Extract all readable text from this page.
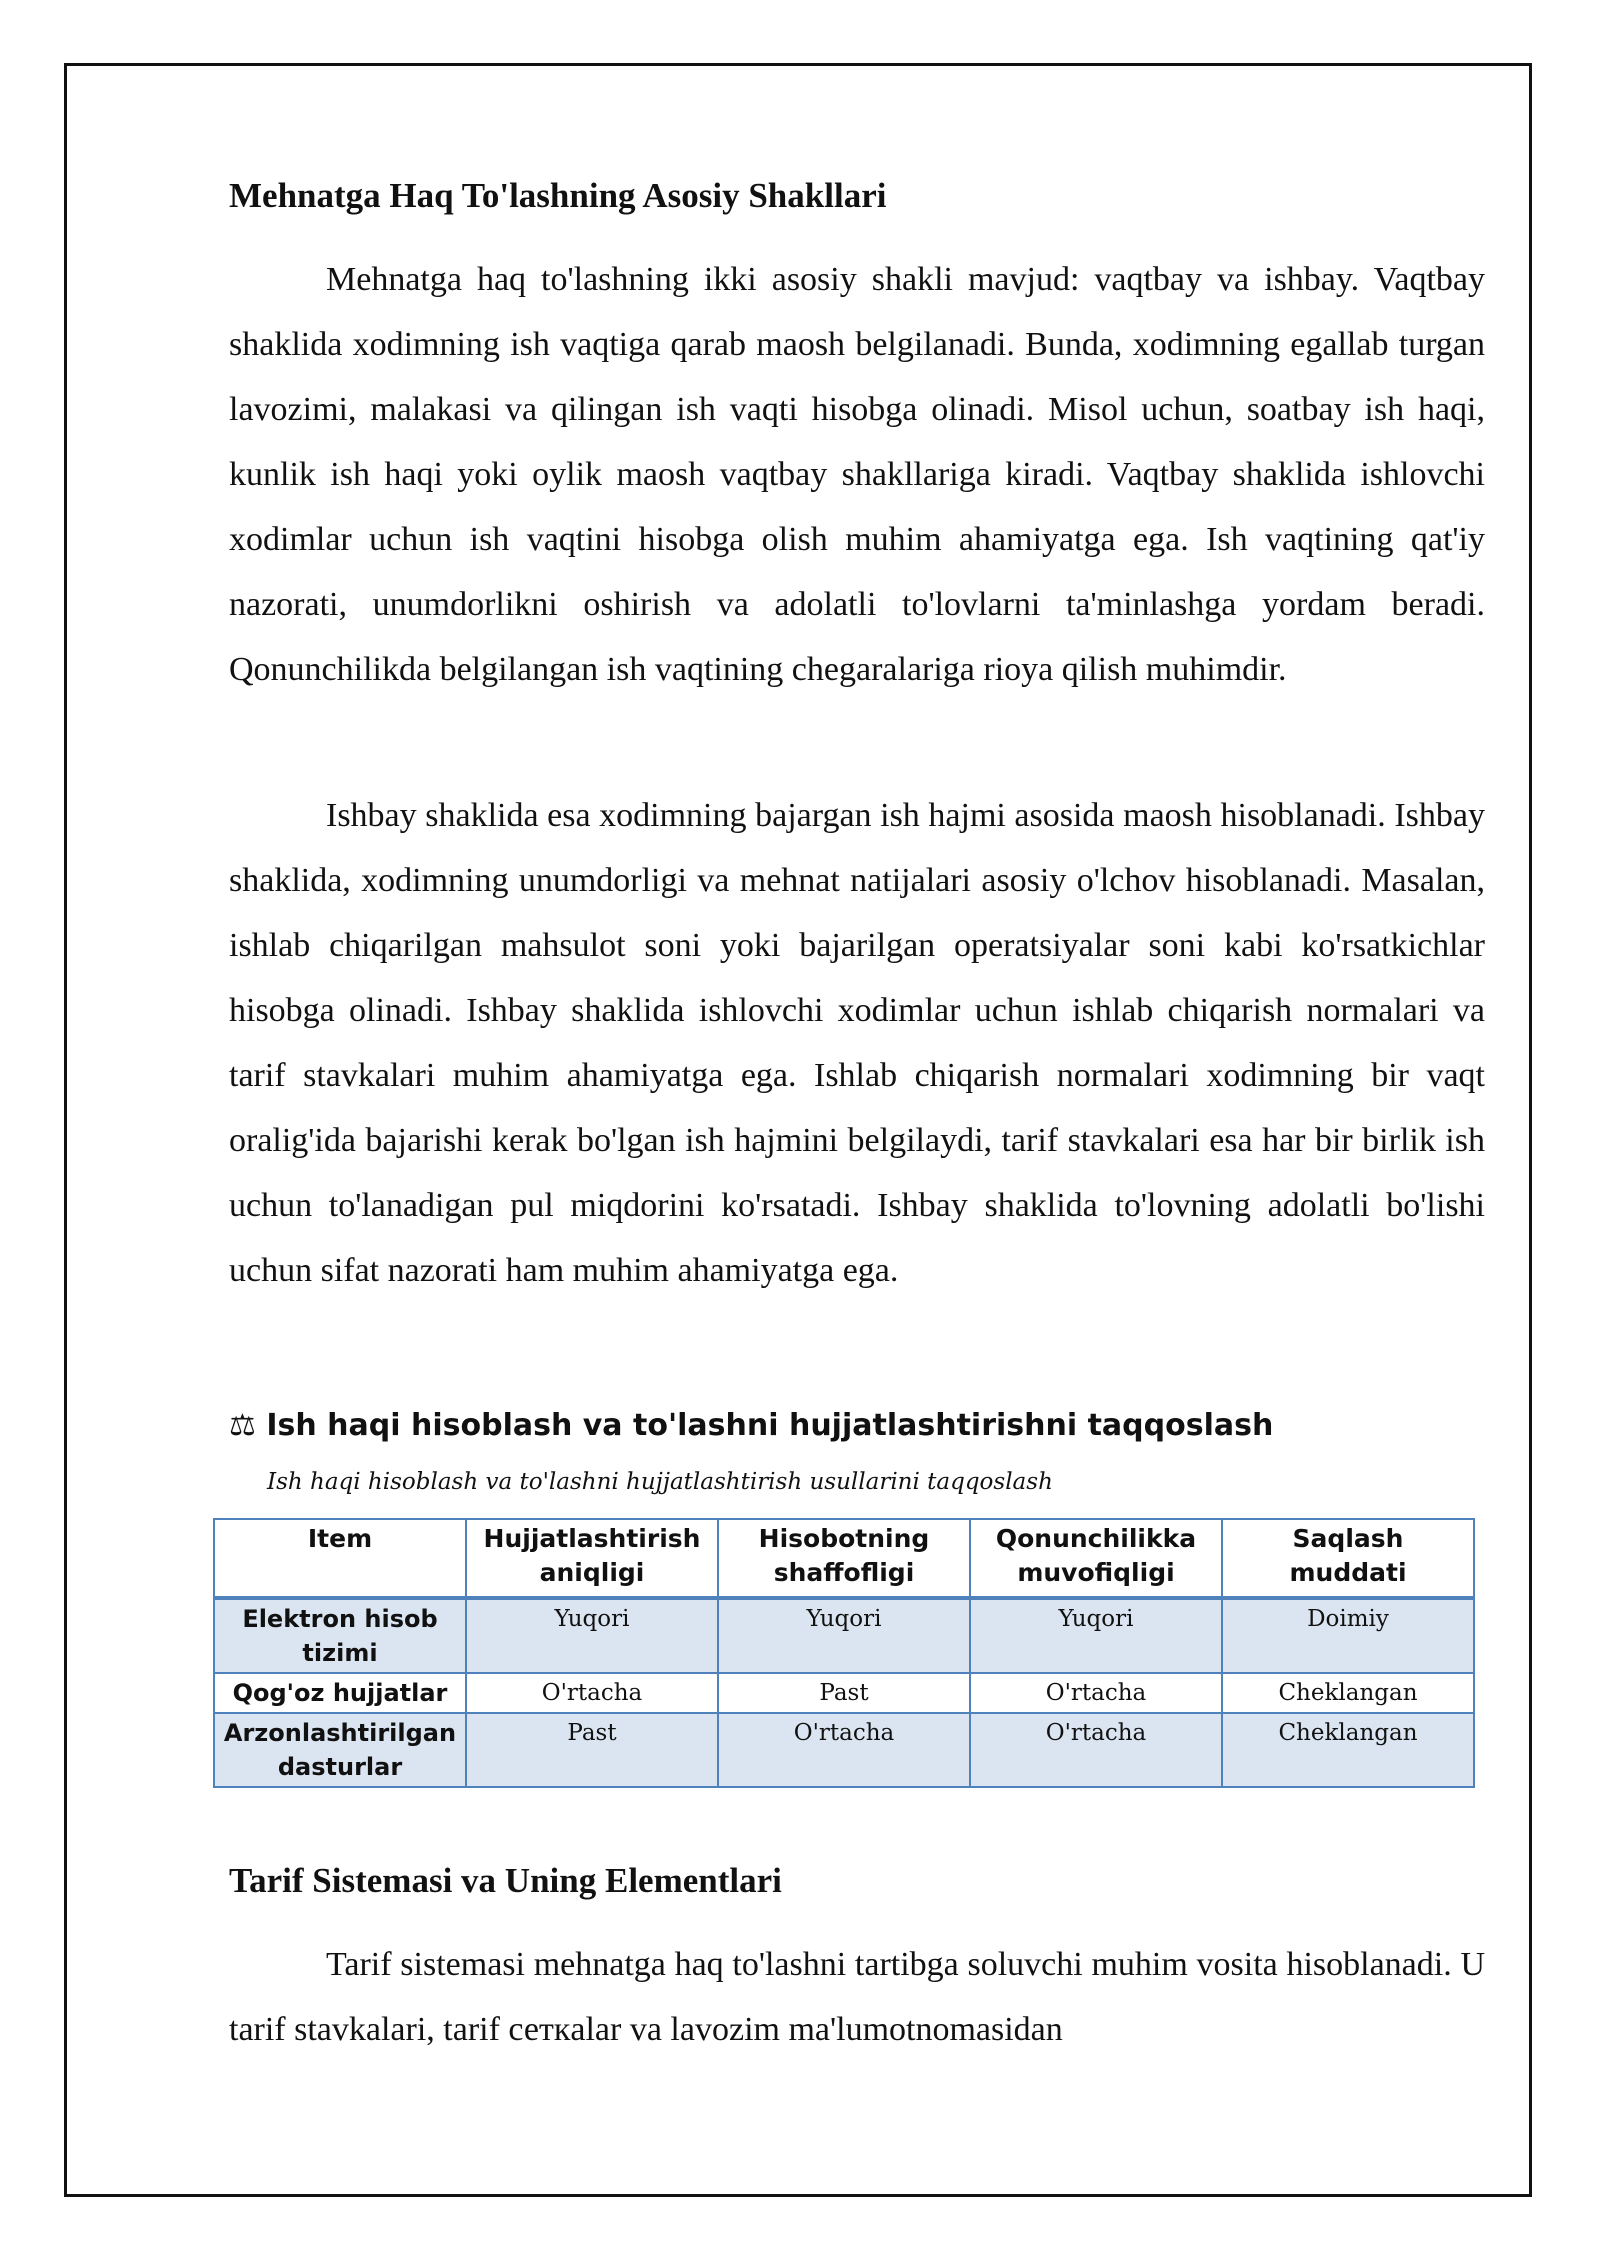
Mehnatga Haq To'lashning Asosiy Shakllari

Mehnatga haq to'lashning ikki asosiy shakli mavjud: vaqtbay va ishbay. Vaqtbay shaklida xodimning ish vaqtiga qarab maosh belgilanadi. Bunda, xodimning egallab turgan lavozimi, malakasi va qilingan ish vaqti hisobga olinadi. Misol uchun, soatbay ish haqi, kunlik ish haqi yoki oylik maosh vaqtbay shakllariga kiradi. Vaqtbay shaklida ishlovchi xodimlar uchun ish vaqtini hisobga olish muhim ahamiyatga ega. Ish vaqtining qat'iy nazorati, unumdorlikni oshirish va adolatli to'lovlarni ta'minlashga yordam beradi. Qonunchilikda belgilangan ish vaqtining chegaralariga rioya qilish muhimdir.

Ishbay shaklida esa xodimning bajargan ish hajmi asosida maosh hisoblanadi. Ishbay shaklida, xodimning unumdorligi va mehnat natijalari asosiy o'lchov hisoblanadi. Masalan, ishlab chiqarilgan mahsulot soni yoki bajarilgan operatsiyalar soni kabi ko'rsatkichlar hisobga olinadi. Ishbay shaklida ishlovchi xodimlar uchun ishlab chiqarish normalari va tarif stavkalari muhim ahamiyatga ega. Ishlab chiqarish normalari xodimning bir vaqt oralig'ida bajarishi kerak bo'lgan ish hajmini belgilaydi, tarif stavkalari esa har bir birlik ish uchun to'lanadigan pul miqdorini ko'rsatadi. Ishbay shaklida to'lovning adolatli bo'lishi uchun sifat nazorati ham muhim ahamiyatga ega.

⚖ Ish haqi hisoblash va to'lashni hujjatlashtirishni taqqoslash
Ish haqi hisoblash va to'lashni hujjatlashtirish usullarini taqqoslash
Item	Hujjatlashtirish aniqligi	Hisobotning shaffofligi	Qonunchilikka muvofiqligi	Saqlash muddati
Elektron hisob tizimi	Yuqori	Yuqori	Yuqori	Doimiy
Qog'oz hujjatlar	O'rtacha	Past	O'rtacha	Cheklangan
Arzonlashtirilgan dasturlar	Past	O'rtacha	O'rtacha	Cheklangan
Tarif Sistemasi va Uning Elementlari

Tarif sistemasi mehnatga haq to'lashni tartibga soluvchi muhim vosita hisoblanadi. U tarif stavkalari, tarif сеткalar va lavozim ma'lumotnomasidan
